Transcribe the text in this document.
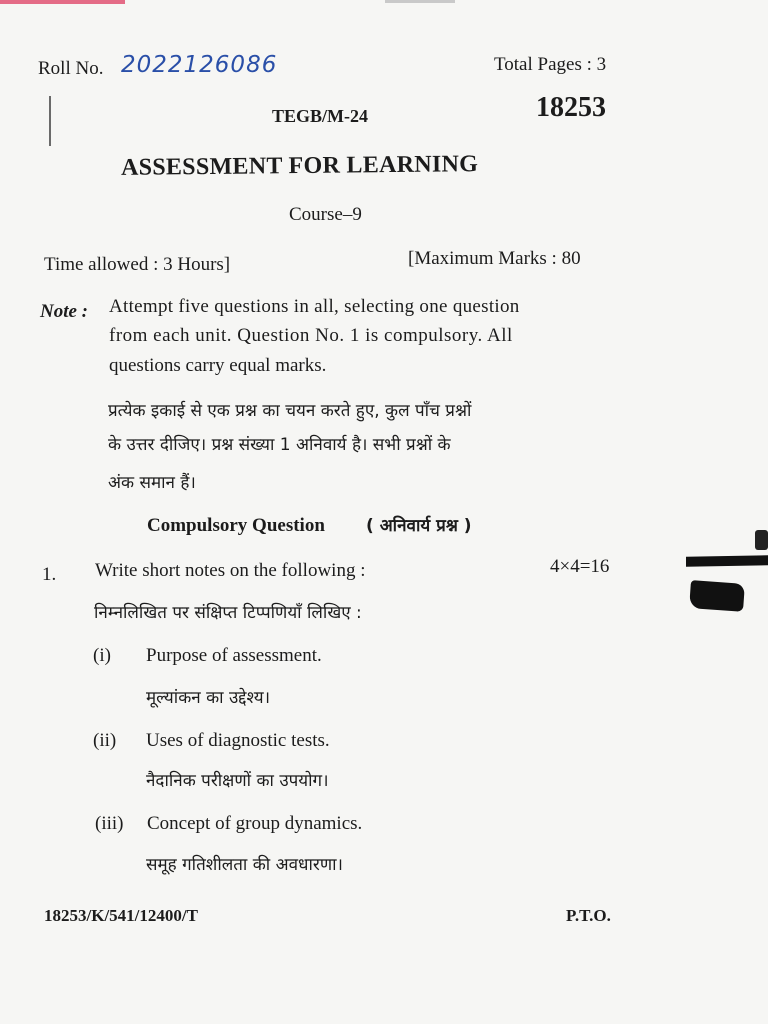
Roll No. 2022126086	Total Pages : 3
TEGB/M-24	18253
ASSESSMENT FOR LEARNING
Course–9
Time allowed : 3 Hours]	[Maximum Marks : 80
Note : Attempt five questions in all, selecting one question
from each unit. Question No. 1 is compulsory. All
questions carry equal marks.
प्रत्येक इकाई से एक प्रश्न का चयन करते हुए, कुल पाँच प्रश्नों
के उत्तर दीजिए। प्रश्न संख्या 1 अनिवार्य है। सभी प्रश्नों के
अंक समान हैं।
Compulsory Question ( अनिवार्य प्रश्न )
1. Write short notes on the following :	4×4=16
निम्नलिखित पर संक्षिप्त टिप्पणियाँ लिखिए :
(i) Purpose of assessment.
मूल्यांकन का उद्देश्य।
(ii) Uses of diagnostic tests.
नैदानिक परीक्षणों का उपयोग।
(iii) Concept of group dynamics.
समूह गतिशीलता की अवधारणा।
18253/K/541/12400/T	P.T.O.
